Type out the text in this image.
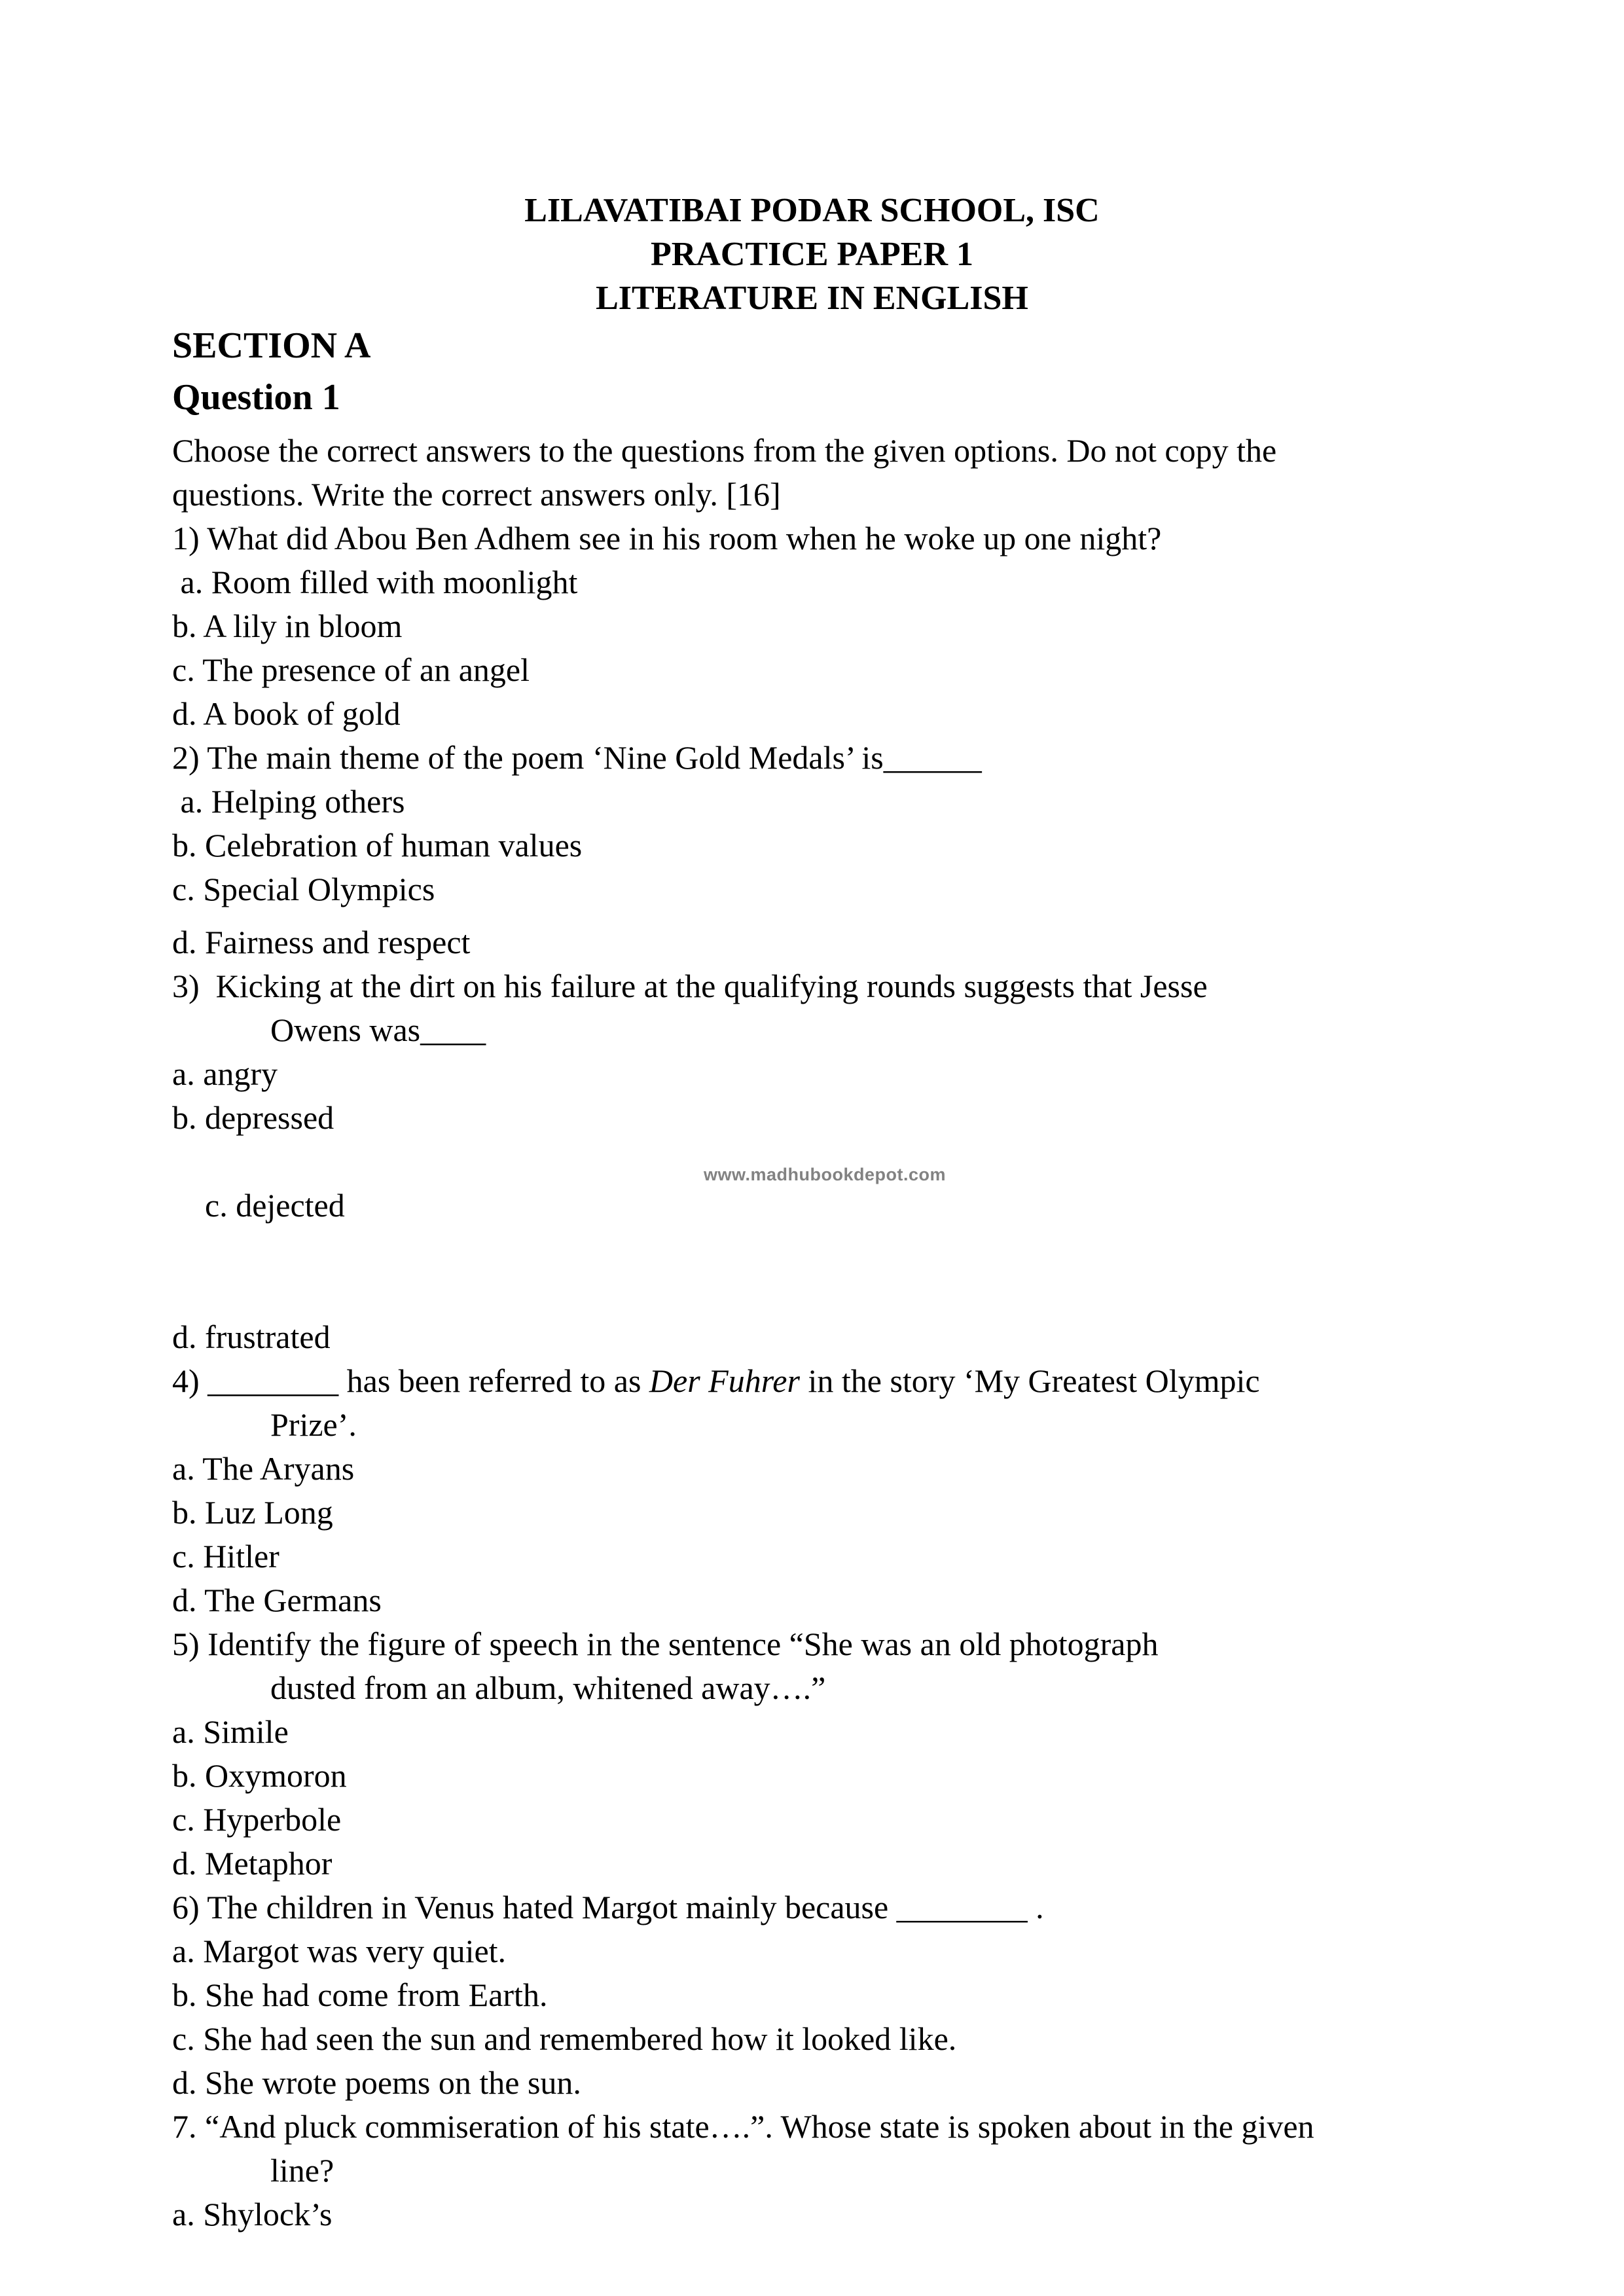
LILAVATIBAI PODAR SCHOOL, ISC
PRACTICE PAPER 1
LITERATURE IN ENGLISH
SECTION A
Question 1
Choose the correct answers to the questions from the given options. Do not copy the
questions. Write the correct answers only. [16]
1) What did Abou Ben Adhem see in his room when he woke up one night?
a. Room filled with moonlight
b. A lily in bloom
c. The presence of an angel
d. A book of gold
2) The main theme of the poem ‘Nine Gold Medals’ is______
a. Helping others
b. Celebration of human values
c. Special Olympics
d. Fairness and respect
3)  Kicking at the dirt on his failure at the qualifying rounds suggests that Jesse
Owens was____
a. angry
b. depressed

c. dejected

www.madhubookdepot.com

d. frustrated
4) ________ has been referred to as Der Fuhrer in the story ‘My Greatest Olympic
Prize’.
a. The Aryans
b. Luz Long
c. Hitler
d. The Germans
5) Identify the figure of speech in the sentence “She was an old photograph
dusted from an album, whitened away….”
a. Simile
b. Oxymoron
c. Hyperbole
d. Metaphor
6) The children in Venus hated Margot mainly because ________ .
a. Margot was very quiet.
b. She had come from Earth.
c. She had seen the sun and remembered how it looked like.
d. She wrote poems on the sun.
7. “And pluck commiseration of his state….”. Whose state is spoken about in the given
line?
a. Shylock’s
